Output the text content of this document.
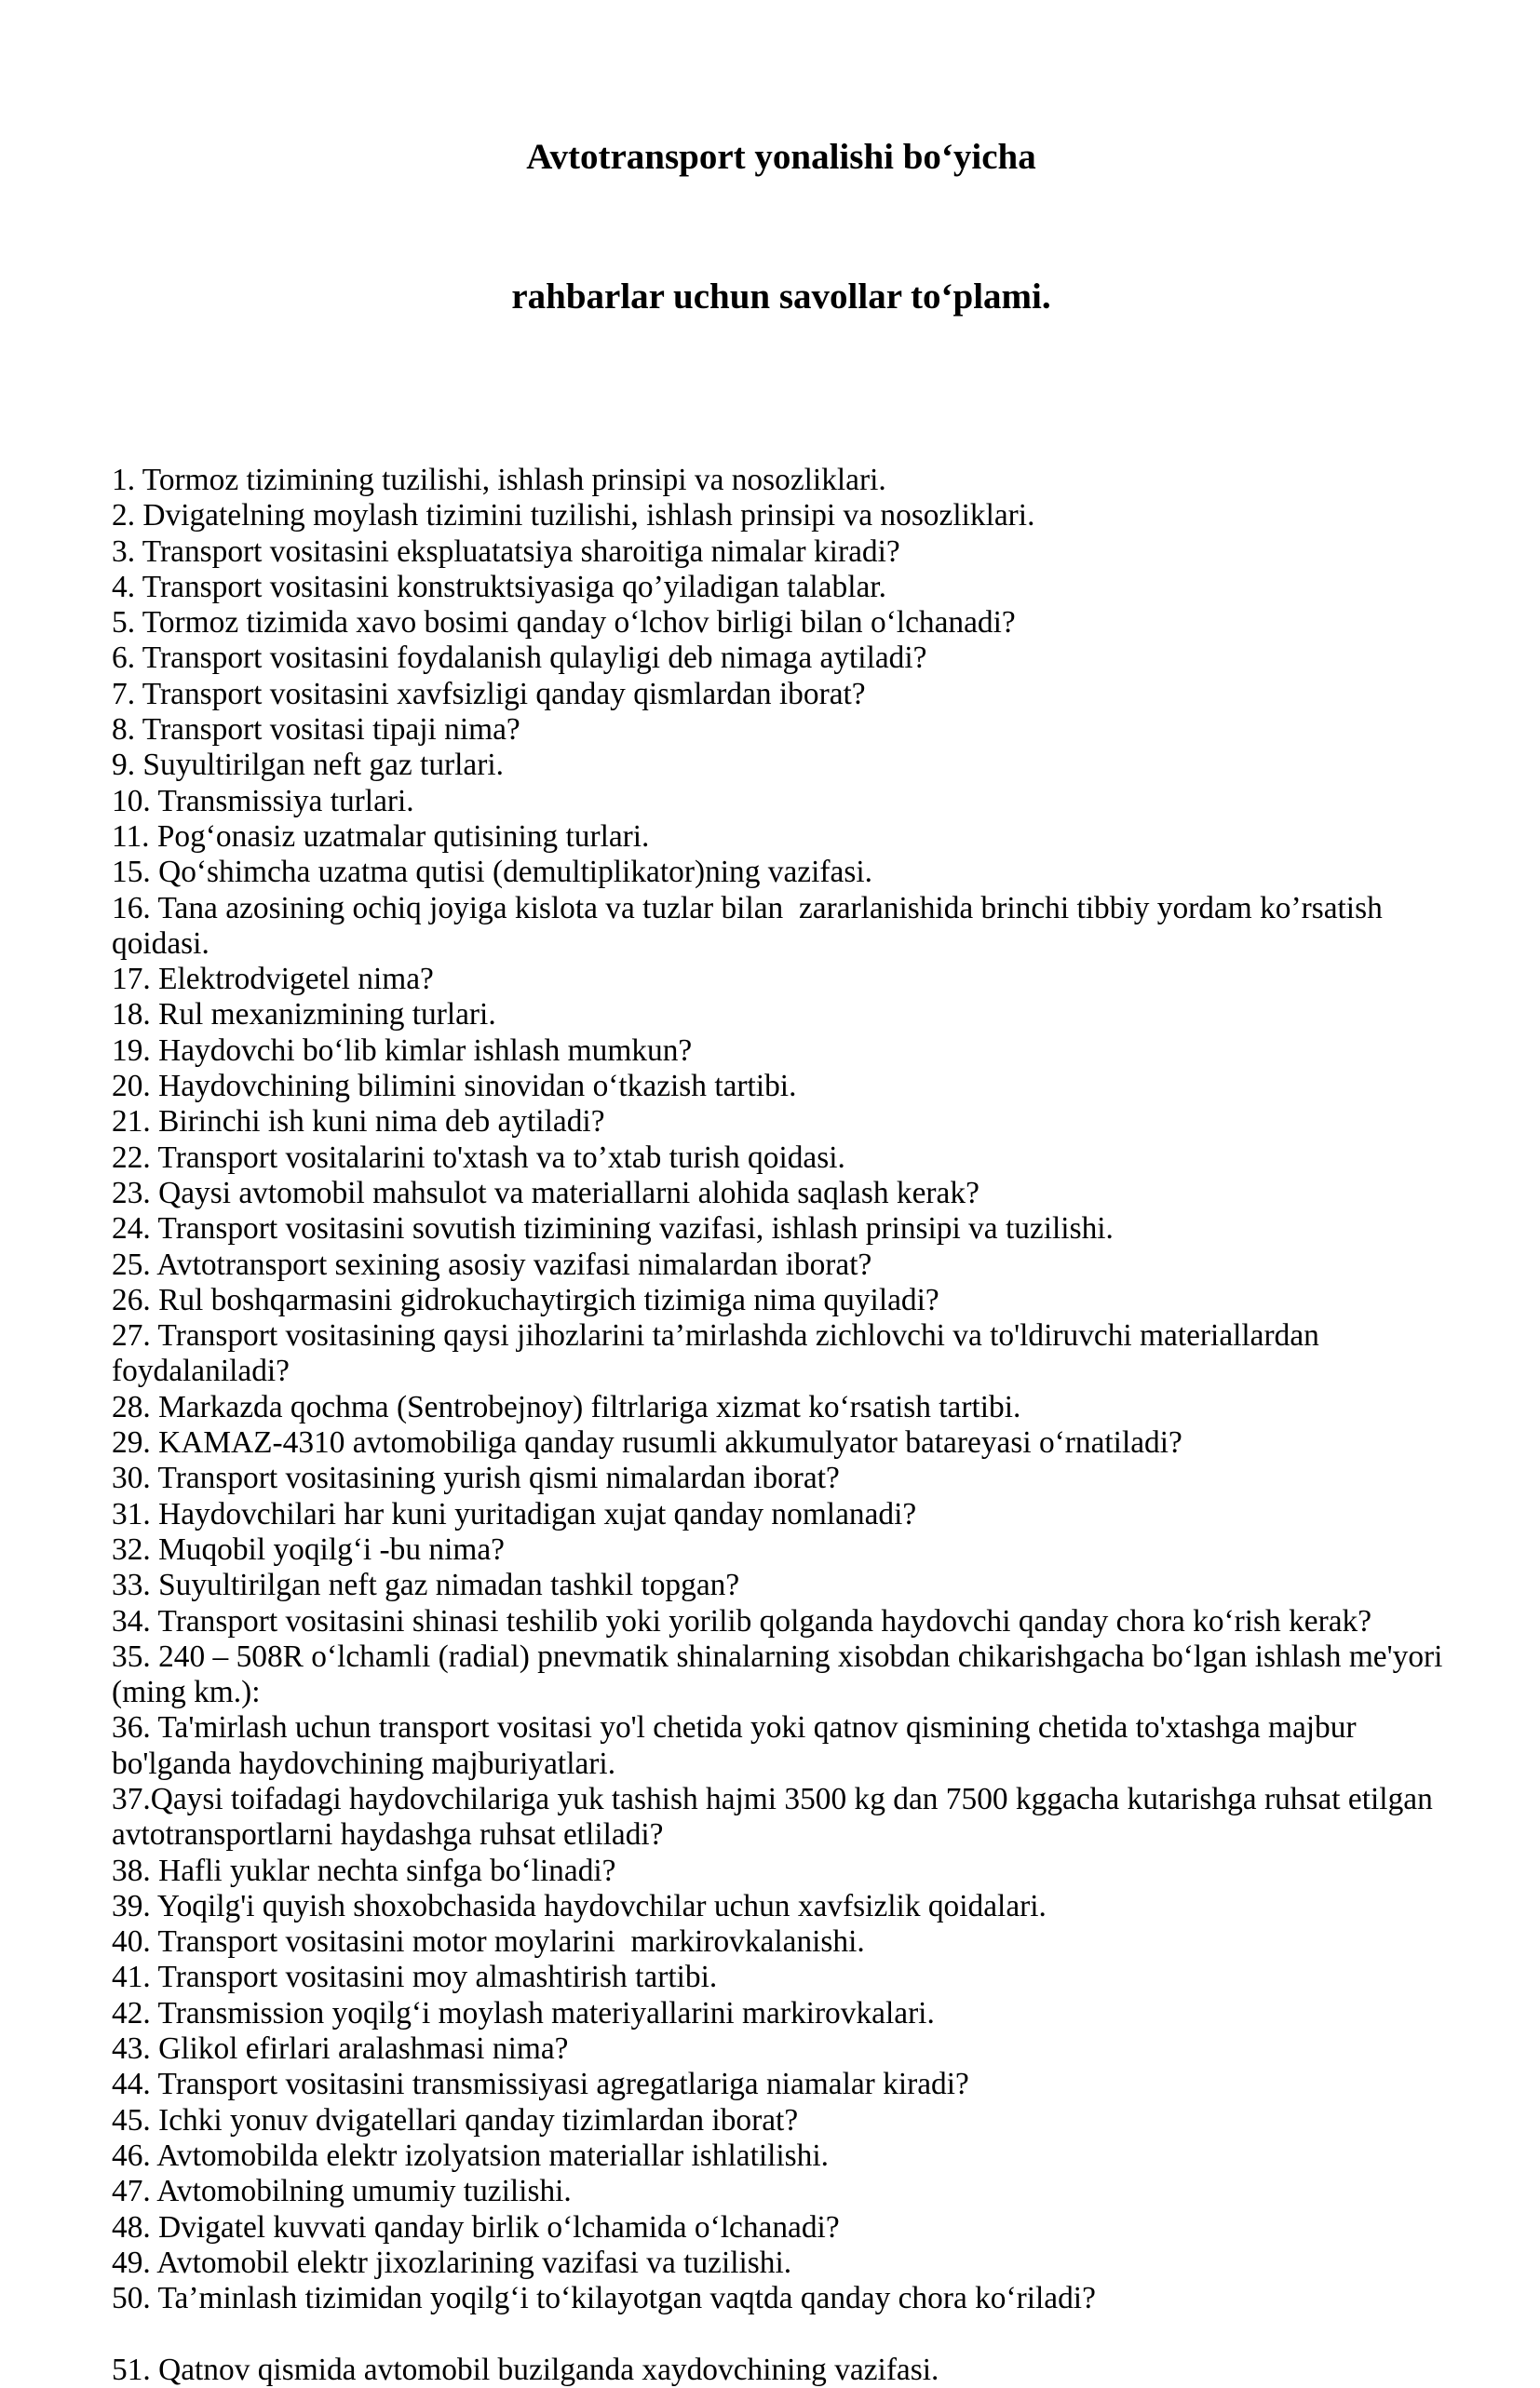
Avtotransport yonalishi bo‘yicha

rahbarlar uchun savollar to‘plami.

1. Tormoz tizimining tuzilishi, ishlash prinsipi va nosozliklari.

2. Dvigatelning moylash tizimini tuzilishi, ishlash prinsipi va nosozliklari.

3. Transport vositasini ekspluatatsiya sharoitiga nimalar kiradi?

4. Transport vositasini konstruktsiyasiga qo’yiladigan talablar.

5. Tormoz tizimida xavo bosimi qanday o‘lchov birligi bilan o‘lchanadi?

6. Transport vositasini foydalanish qulayligi deb nimaga aytiladi?

7. Transport vositasini xavfsizligi qanday qismlardan iborat?

8. Transport vositasi tipaji nima?

9. Suyultirilgan neft gaz turlari.

10. Transmissiya turlari.

11. Pog‘onasiz uzatmalar qutisining turlari.

15. Qo‘shimcha uzatma qutisi (demultiplikator)ning vazifasi.

16. Tana azosining ochiq joyiga kislota va tuzlar bilan  zararlanishida brinchi tibbiy yordam ko’rsatish qoidasi.

17. Elektrodvigetel nima?

18. Rul mexanizmining turlari.

19. Haydovchi bo‘lib kimlar ishlash mumkun?

20. Haydovchining bilimini sinovidan o‘tkazish tartibi.

21. Birinchi ish kuni nima deb aytiladi?

22. Transport vositalarini to'xtash va to’xtab turish qoidasi.

23. Qaysi avtomobil mahsulot va materiallarni alohida saqlash kerak?

24. Transport vositasini sovutish tizimining vazifasi, ishlash prinsipi va tuzilishi.

25. Avtotransport sexining asosiy vazifasi nimalardan iborat?

26. Rul boshqarmasini gidrokuchaytirgich tizimiga nima quyiladi?

27. Transport vositasining qaysi jihozlarini ta’mirlashda zichlovchi va to'ldiruvchi materiallardan foydalaniladi?

28. Markazda qochma (Sentrobejnoy) filtrlariga xizmat ko‘rsatish tartibi.

29. KAMAZ-4310 avtomobiliga qanday rusumli akkumulyator batareyasi o‘rnatiladi?

30. Transport vositasining yurish qismi nimalardan iborat?

31. Haydovchilari har kuni yuritadigan xujat qanday nomlanadi?

32. Muqobil yoqilg‘i -bu nima?

33. Suyultirilgan neft gaz nimadan tashkil topgan?

34. Transport vositasini shinasi teshilib yoki yorilib qolganda haydovchi qanday chora ko‘rish kerak?

35. 240 – 508R o‘lchamli (radial) pnevmatik shinalarning xisobdan chikarishgacha bo‘lgan ishlash me'yori (ming km.):

36. Ta'mirlash uchun transport vositasi yo'l chetida yoki qatnov qismining chetida to'xtashga majbur bo'lganda haydovchining majburiyatlari.

37.Qaysi toifadagi haydovchilariga yuk tashish hajmi 3500 kg dan 7500 kggacha kutarishga ruhsat etilgan avtotransportlarni haydashga ruhsat etliladi?

38. Hafli yuklar nechta sinfga bo‘linadi?

39. Yoqilg'i quyish shoxobchasida haydovchilar uchun xavfsizlik qoidalari.

40. Transport vositasini motor moylarini  markirovkalanishi.

41. Transport vositasini moy almashtirish tartibi.

42. Transmission yoqilg‘i moylash materiyallarini markirovkalari.

43. Glikol efirlari aralashmasi nima?

44. Transport vositasini transmissiyasi agregatlariga niamalar kiradi?

45. Ichki yonuv dvigatellari qanday tizimlardan iborat?

46. Avtomobilda elektr izolyatsion materiallar ishlatilishi.

47. Avtomobilning umumiy tuzilishi.

48. Dvigatel kuvvati qanday birlik o‘lchamida o‘lchanadi?

49. Avtomobil elektr jixozlarining vazifasi va tuzilishi.

50. Ta’minlash tizimidan yoqilg‘i to‘kilayotgan vaqtda qanday chora ko‘riladi?

51. Qatnov qismida avtomobil buzilganda xaydovchining vazifasi.
